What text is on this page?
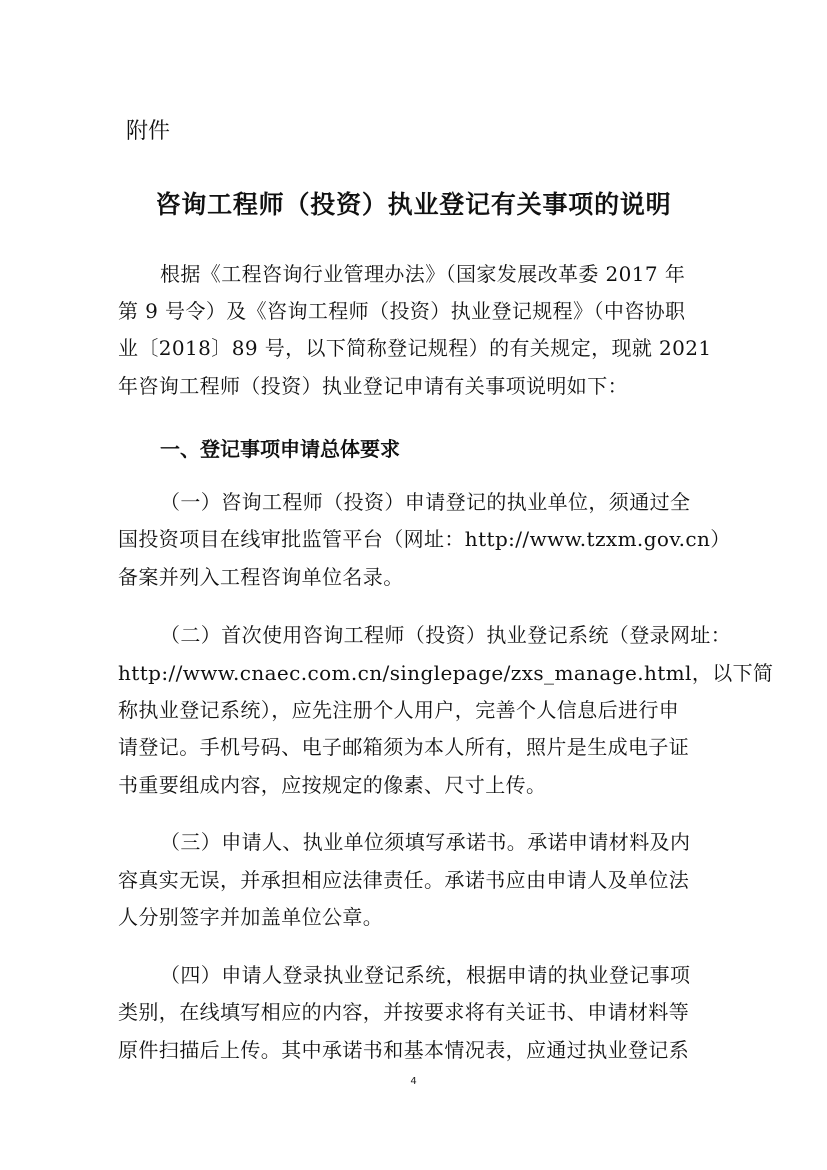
附件
咨询工程师（投资）执业登记有关事项的说明
根据《工程咨询行业管理办法》（国家发展改革委 2017 年
第 9 号令）及《咨询工程师（投资）执业登记规程》（中咨协职
业〔2018〕89 号，以下简称登记规程）的有关规定，现就 2021
年咨询工程师（投资）执业登记申请有关事项说明如下：
一、登记事项申请总体要求
（一）咨询工程师（投资）申请登记的执业单位，须通过全
国投资项目在线审批监管平台（网址：http://www.tzxm.gov.cn）
备案并列入工程咨询单位名录。
（二）首次使用咨询工程师（投资）执业登记系统（登录网址：
http://www.cnaec.com.cn/singlepage/zxs_manage.html，以下简
称执业登记系统），应先注册个人用户，完善个人信息后进行申
请登记。手机号码、电子邮箱须为本人所有，照片是生成电子证
书重要组成内容，应按规定的像素、尺寸上传。
（三）申请人、执业单位须填写承诺书。承诺申请材料及内
容真实无误，并承担相应法律责任。承诺书应由申请人及单位法
人分别签字并加盖单位公章。
（四）申请人登录执业登记系统，根据申请的执业登记事项
类别，在线填写相应的内容，并按要求将有关证书、申请材料等
原件扫描后上传。其中承诺书和基本情况表，应通过执业登记系
4
